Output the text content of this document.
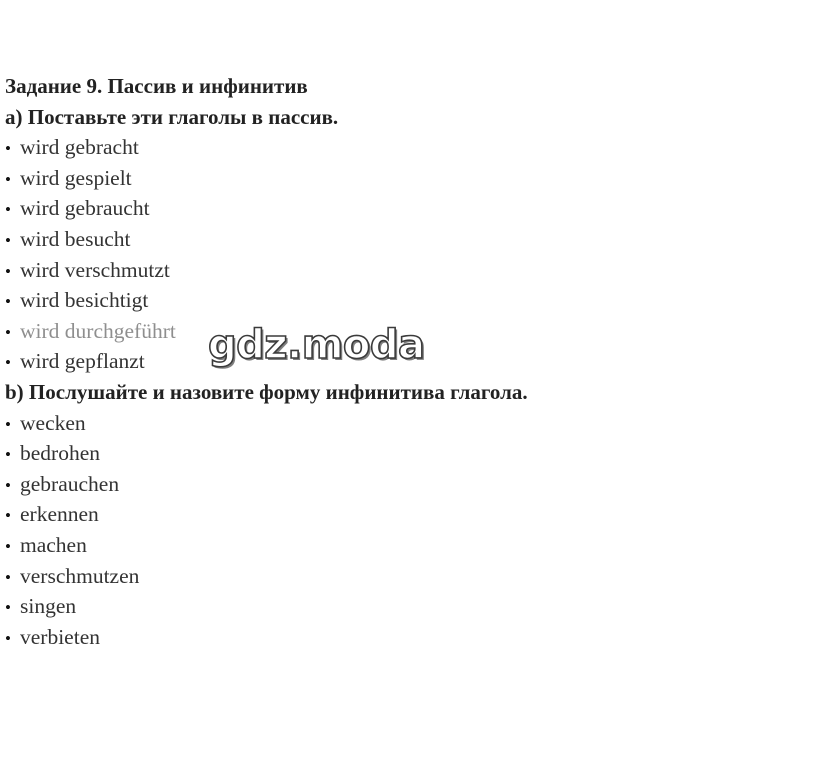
Задание 9. Пассив и инфинитив
а) Поставьте эти глаголы в пассив.
• wird gebracht
• wird gespielt
• wird gebraucht
• wird besucht
• wird verschmutzt
• wird besichtigt
• wird durchgeführt
• wird gepflanzt
b) Послушайте и назовите форму инфинитива глагола.
• wecken
• bedrohen
• gebrauchen
• erkennen
• machen
• verschmutzen
• singen
• verbieten
gdz.moda
